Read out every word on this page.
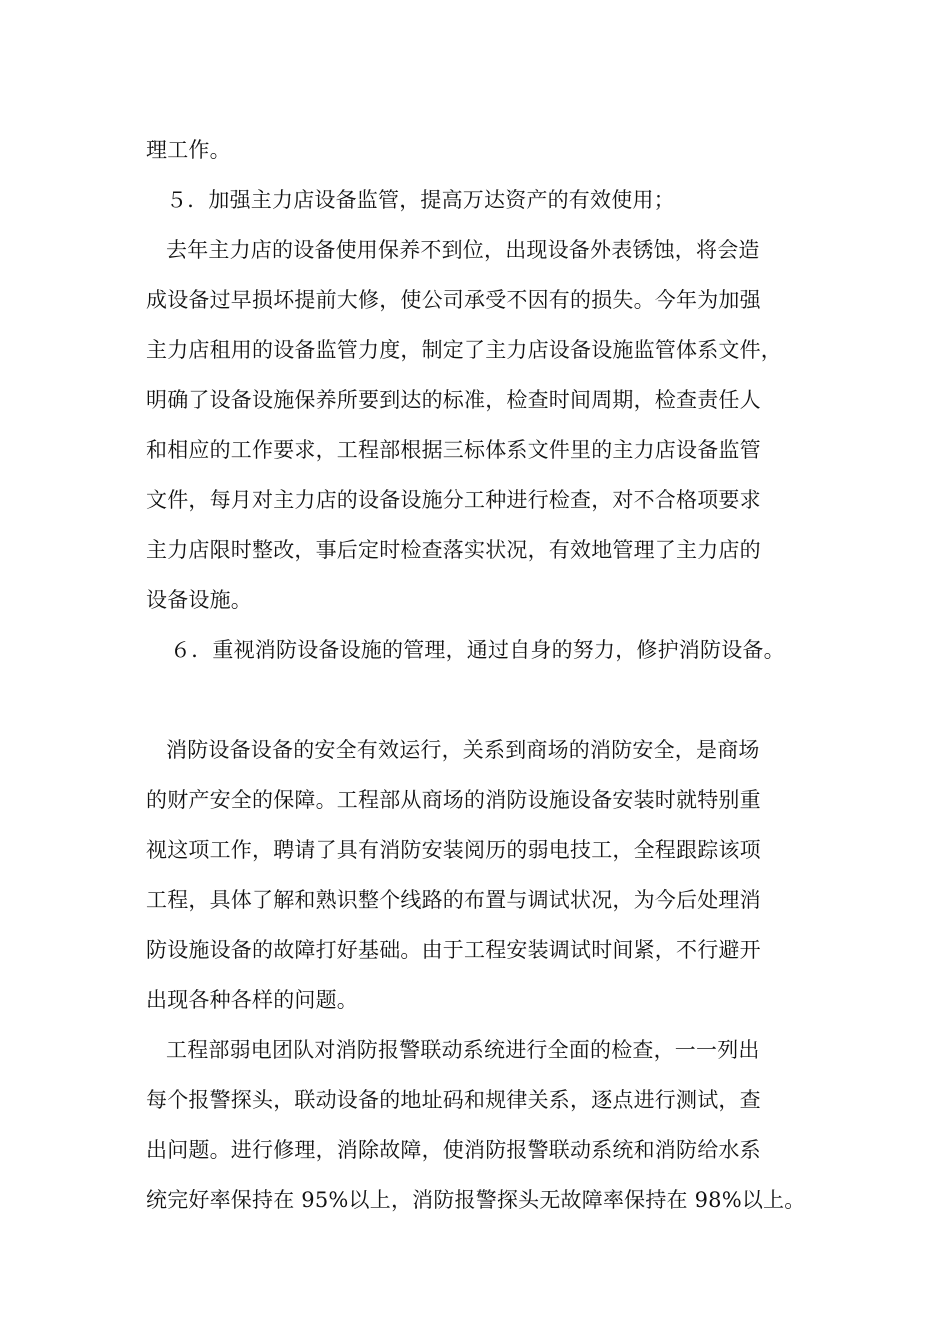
理工作。
５．加强主力店设备监管，提高万达资产的有效使用；
去年主力店的设备使用保养不到位，出现设备外表锈蚀，将会造
成设备过早损坏提前大修，使公司承受不因有的损失。今年为加强
主力店租用的设备监管力度，制定了主力店设备设施监管体系文件，
明确了设备设施保养所要到达的标准，检查时间周期，检查责任人
和相应的工作要求，工程部根据三标体系文件里的主力店设备监管
文件，每月对主力店的设备设施分工种进行检查，对不合格项要求
主力店限时整改，事后定时检查落实状况，有效地管理了主力店的
设备设施。
６．重视消防设备设施的管理，通过自身的努力，修护消防设备。
消防设备设备的安全有效运行，关系到商场的消防安全，是商场
的财产安全的保障。工程部从商场的消防设施设备安装时就特别重
视这项工作，聘请了具有消防安装阅历的弱电技工，全程跟踪该项
工程，具体了解和熟识整个线路的布置与调试状况，为今后处理消
防设施设备的故障打好基础。由于工程安装调试时间紧，不行避开
出现各种各样的问题。
工程部弱电团队对消防报警联动系统进行全面的检查，一一列出
每个报警探头，联动设备的地址码和规律关系，逐点进行测试，查
出问题。进行修理，消除故障，使消防报警联动系统和消防给水系
统完好率保持在 95%以上，消防报警探头无故障率保持在 98%以上。
